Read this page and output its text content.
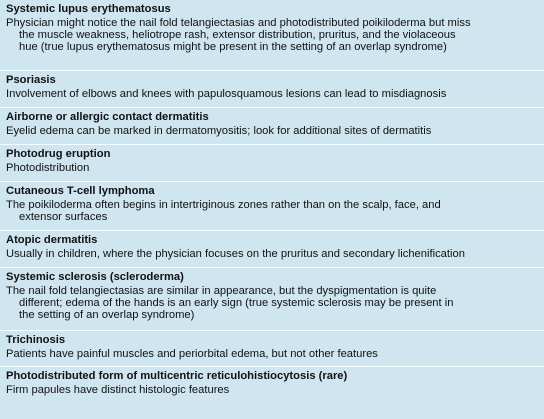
Systemic lupus erythematosus
Physician might notice the nail fold telangiectasias and photodistributed poikiloderma but miss
the muscle weakness, heliotrope rash, extensor distribution, pruritus, and the violaceous
hue (true lupus erythematosus might be present in the setting of an overlap syndrome)
Psoriasis
Involvement of elbows and knees with papulosquamous lesions can lead to misdiagnosis
Airborne or allergic contact dermatitis
Eyelid edema can be marked in dermatomyositis; look for additional sites of dermatitis
Photodrug eruption
Photodistribution
Cutaneous T-cell lymphoma
The poikiloderma often begins in intertriginous zones rather than on the scalp, face, and
extensor surfaces
Atopic dermatitis
Usually in children, where the physician focuses on the pruritus and secondary lichenification
Systemic sclerosis (scleroderma)
The nail fold telangiectasias are similar in appearance, but the dyspigmentation is quite
different; edema of the hands is an early sign (true systemic sclerosis may be present in
the setting of an overlap syndrome)
Trichinosis
Patients have painful muscles and periorbital edema, but not other features
Photodistributed form of multicentric reticulohistiocytosis (rare)
Firm papules have distinct histologic features
